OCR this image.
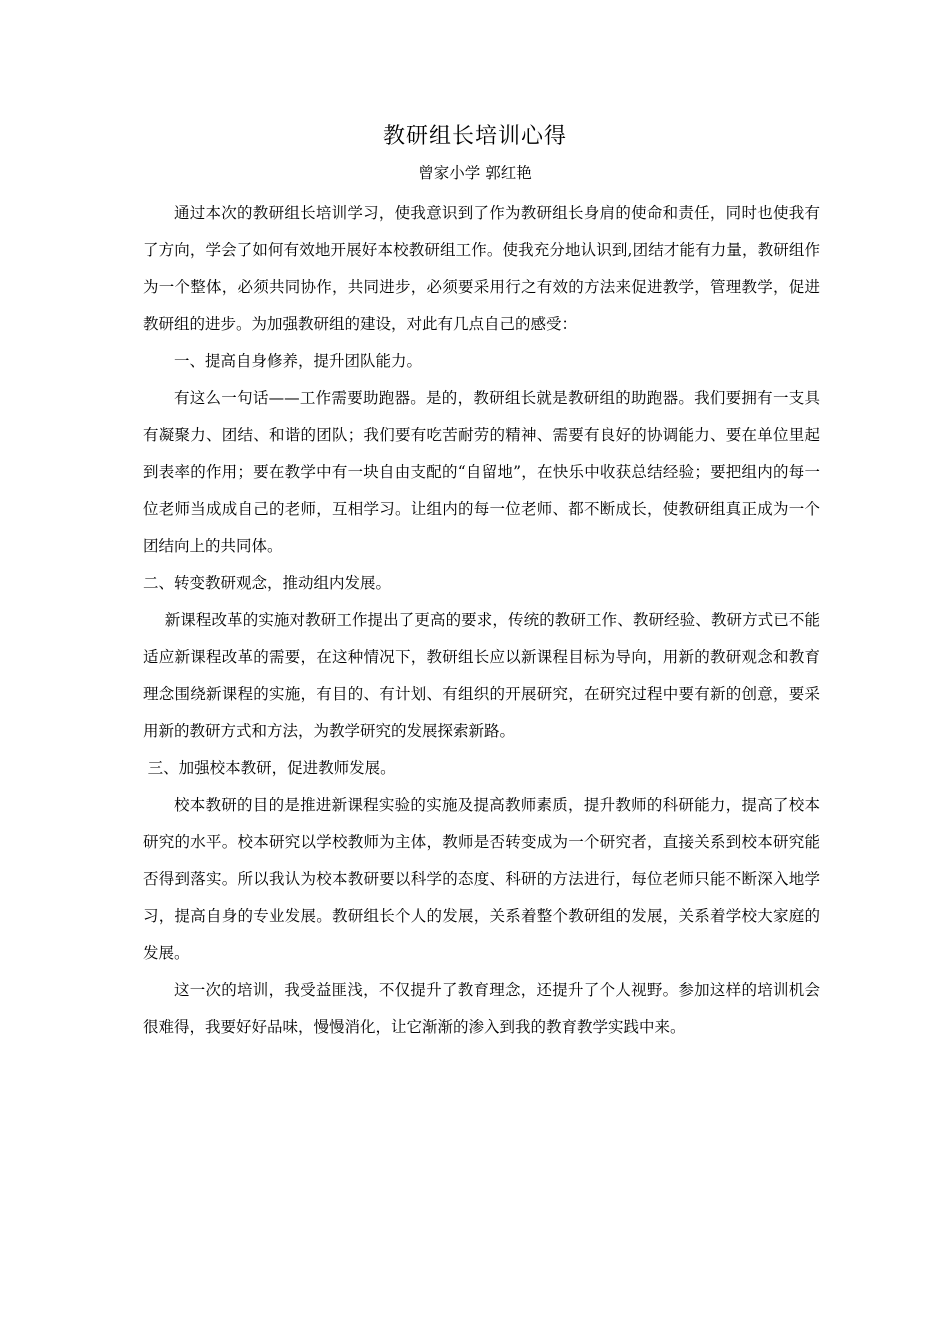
教研组长培训心得
曾家小学 郭红艳

通过本次的教研组长培训学习，使我意识到了作为教研组长身肩的使命和责任，同时也使我有了方向，学会了如何有效地开展好本校教研组工作。使我充分地认识到,团结才能有力量，教研组作为一个整体，必须共同协作，共同进步，必须要采用行之有效的方法来促进教学，管理教学，促进教研组的进步。为加强教研组的建设，对此有几点自己的感受：

一、提高自身修养，提升团队能力。

有这么一句话——工作需要助跑器。是的，教研组长就是教研组的助跑器。我们要拥有一支具有凝聚力、团结、和谐的团队；我们要有吃苦耐劳的精神、需要有良好的协调能力、要在单位里起到表率的作用；要在教学中有一块自由支配的“自留地”，在快乐中收获总结经验；要把组内的每一位老师当成成自己的老师，互相学习。让组内的每一位老师、都不断成长，使教研组真正成为一个团结向上的共同体。

二、转变教研观念，推动组内发展。

新课程改革的实施对教研工作提出了更高的要求，传统的教研工作、教研经验、教研方式已不能适应新课程改革的需要，在这种情况下，教研组长应以新课程目标为导向，用新的教研观念和教育理念围绕新课程的实施，有目的、有计划、有组织的开展研究，在研究过程中要有新的创意，要采用新的教研方式和方法，为教学研究的发展探索新路。

三、加强校本教研，促进教师发展。

校本教研的目的是推进新课程实验的实施及提高教师素质，提升教师的科研能力，提高了校本研究的水平。校本研究以学校教师为主体，教师是否转变成为一个研究者，直接关系到校本研究能否得到落实。所以我认为校本教研要以科学的态度、科研的方法进行，每位老师只能不断深入地学习，提高自身的专业发展。教研组长个人的发展，关系着整个教研组的发展，关系着学校大家庭的发展。

这一次的培训，我受益匪浅，不仅提升了教育理念，还提升了个人视野。参加这样的培训机会很难得，我要好好品味，慢慢消化，让它渐渐的渗入到我的教育教学实践中来。
